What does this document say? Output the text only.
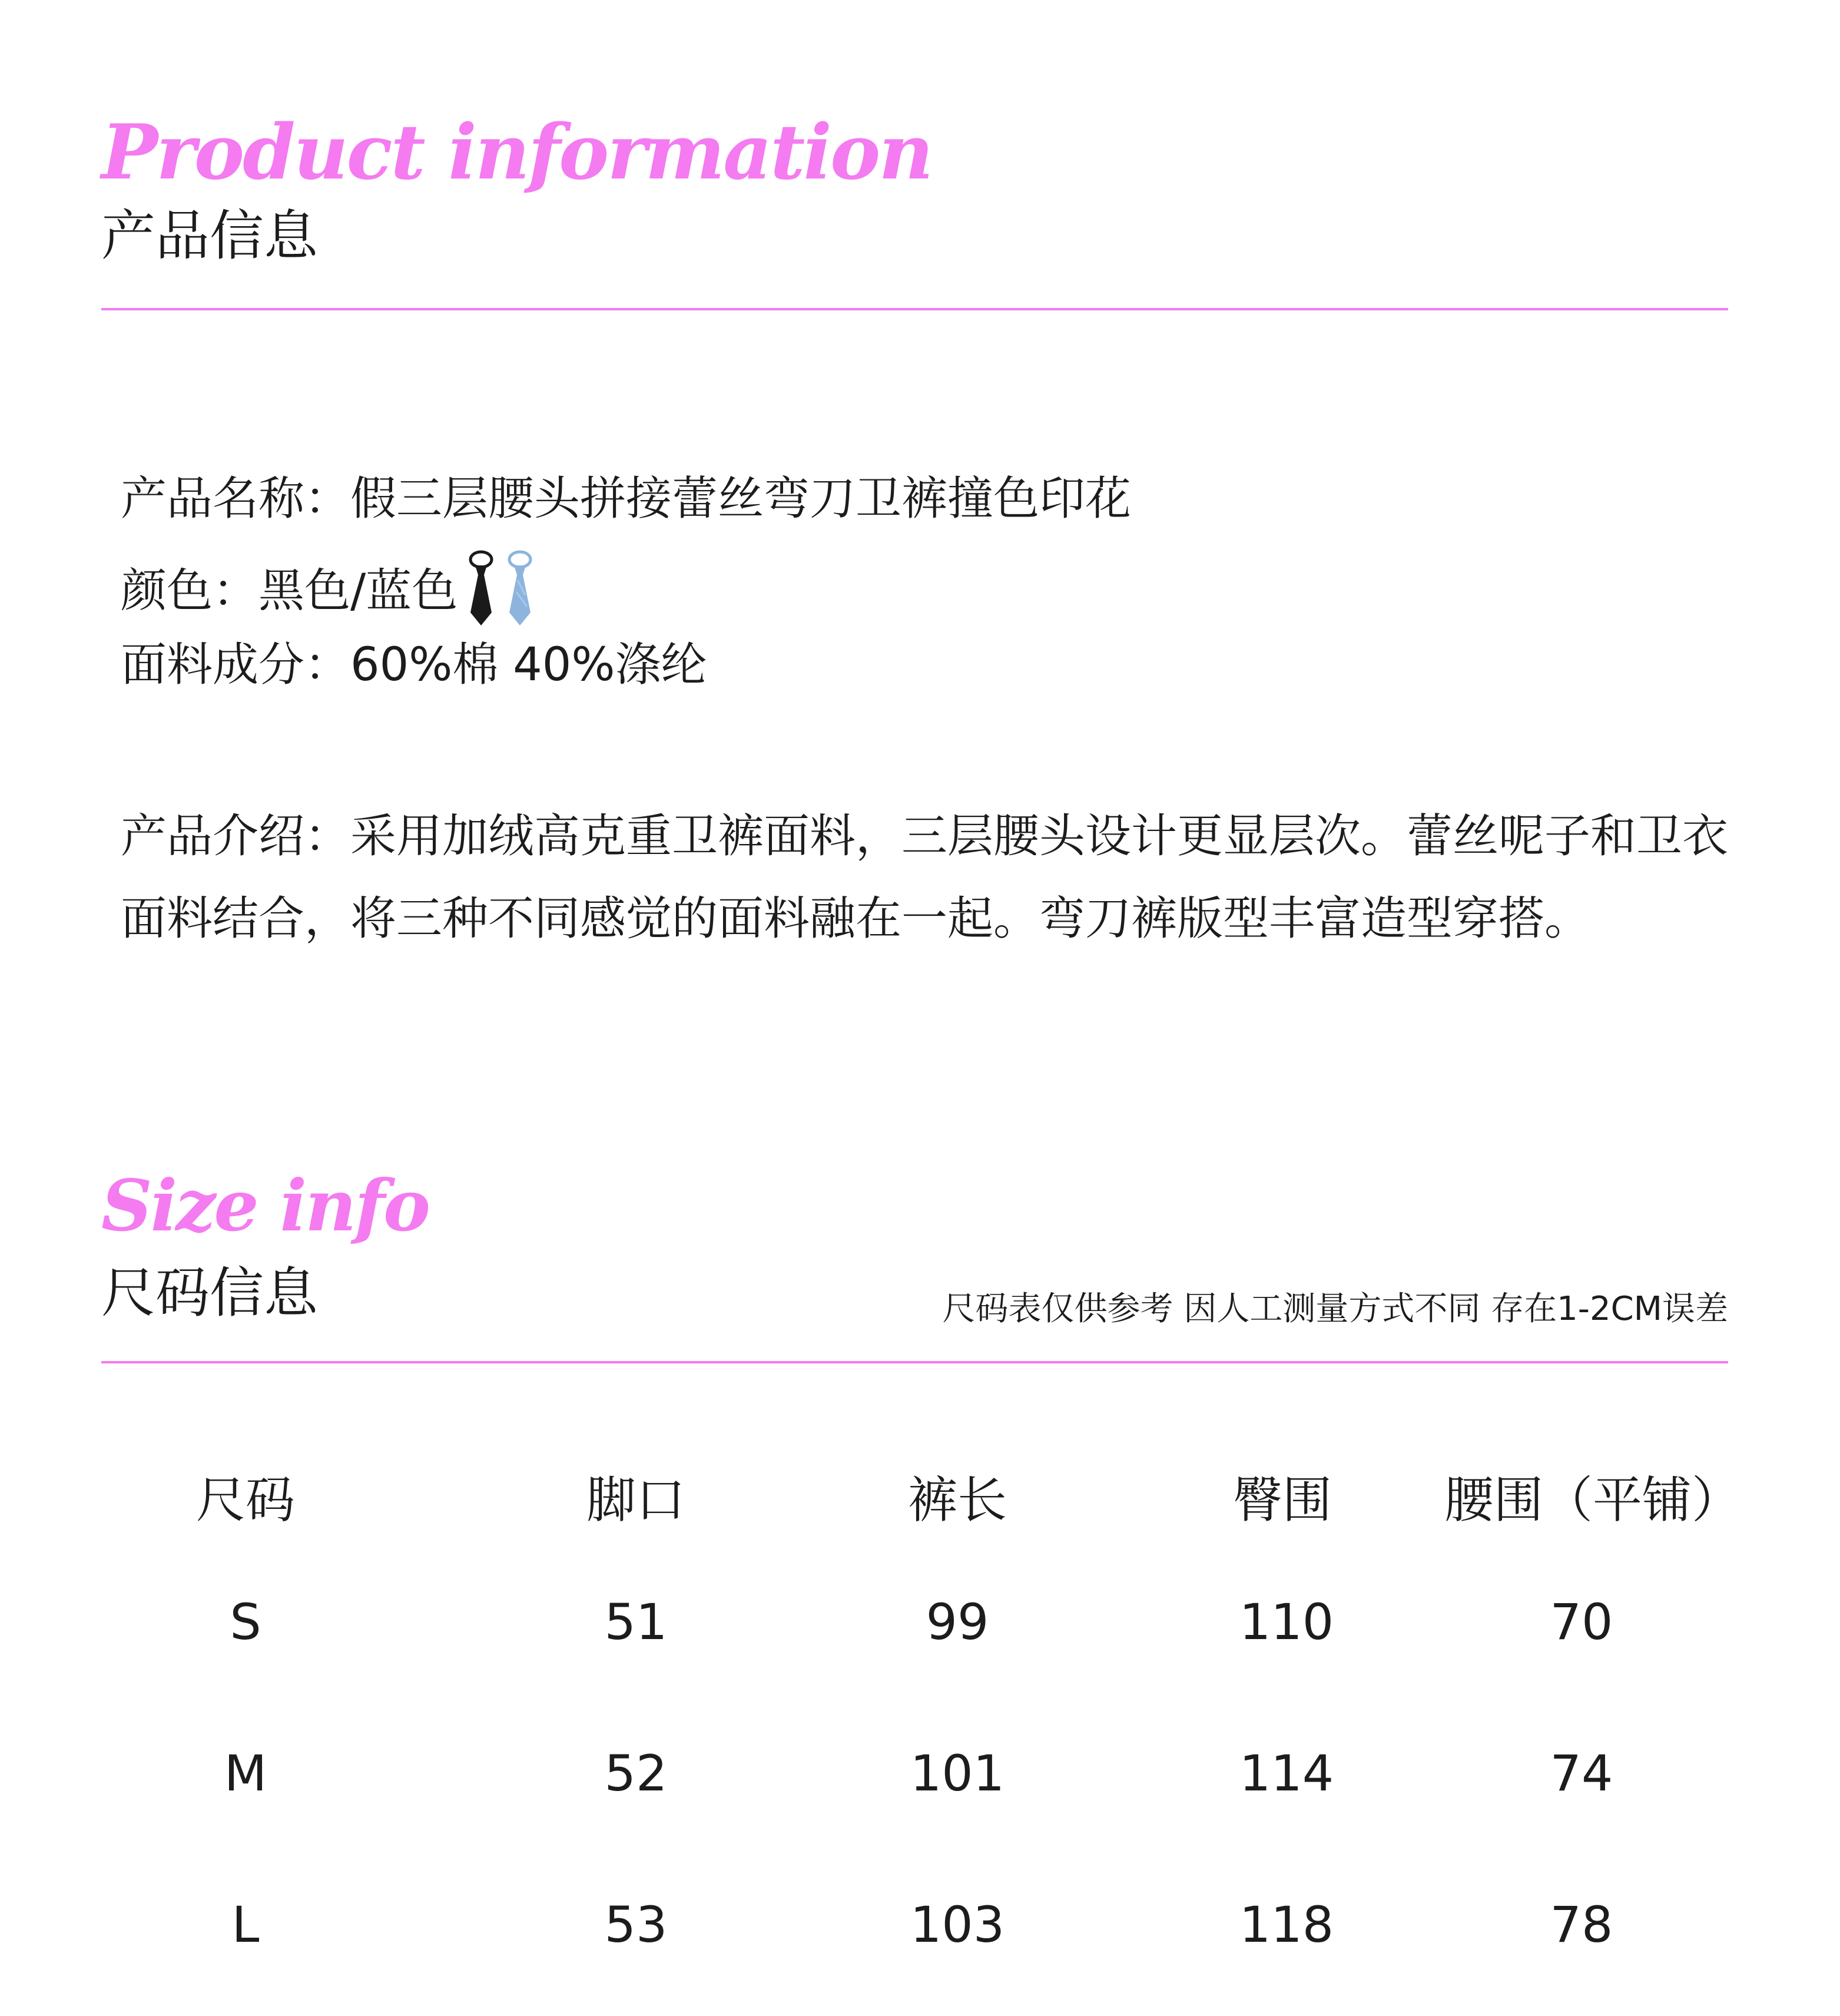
Product information
产品信息

产品名称：假三层腰头拼接蕾丝弯刀卫裤撞色印花

颜色：黑色/蓝色

面料成分：60%棉 40%涤纶

产品介绍：采用加绒高克重卫裤面料，三层腰头设计更显层次。蕾丝呢子和卫衣面料结合，将三种不同感觉的面料融在一起。弯刀裤版型丰富造型穿搭。

Size info
尺码信息	尺码表仅供参考 因人工测量方式不同 存在1-2CM误差

尺码	脚口	裤长	臀围	腰围（平铺）
S	51	99	110	70
M	52	101	114	74
L	53	103	118	78
